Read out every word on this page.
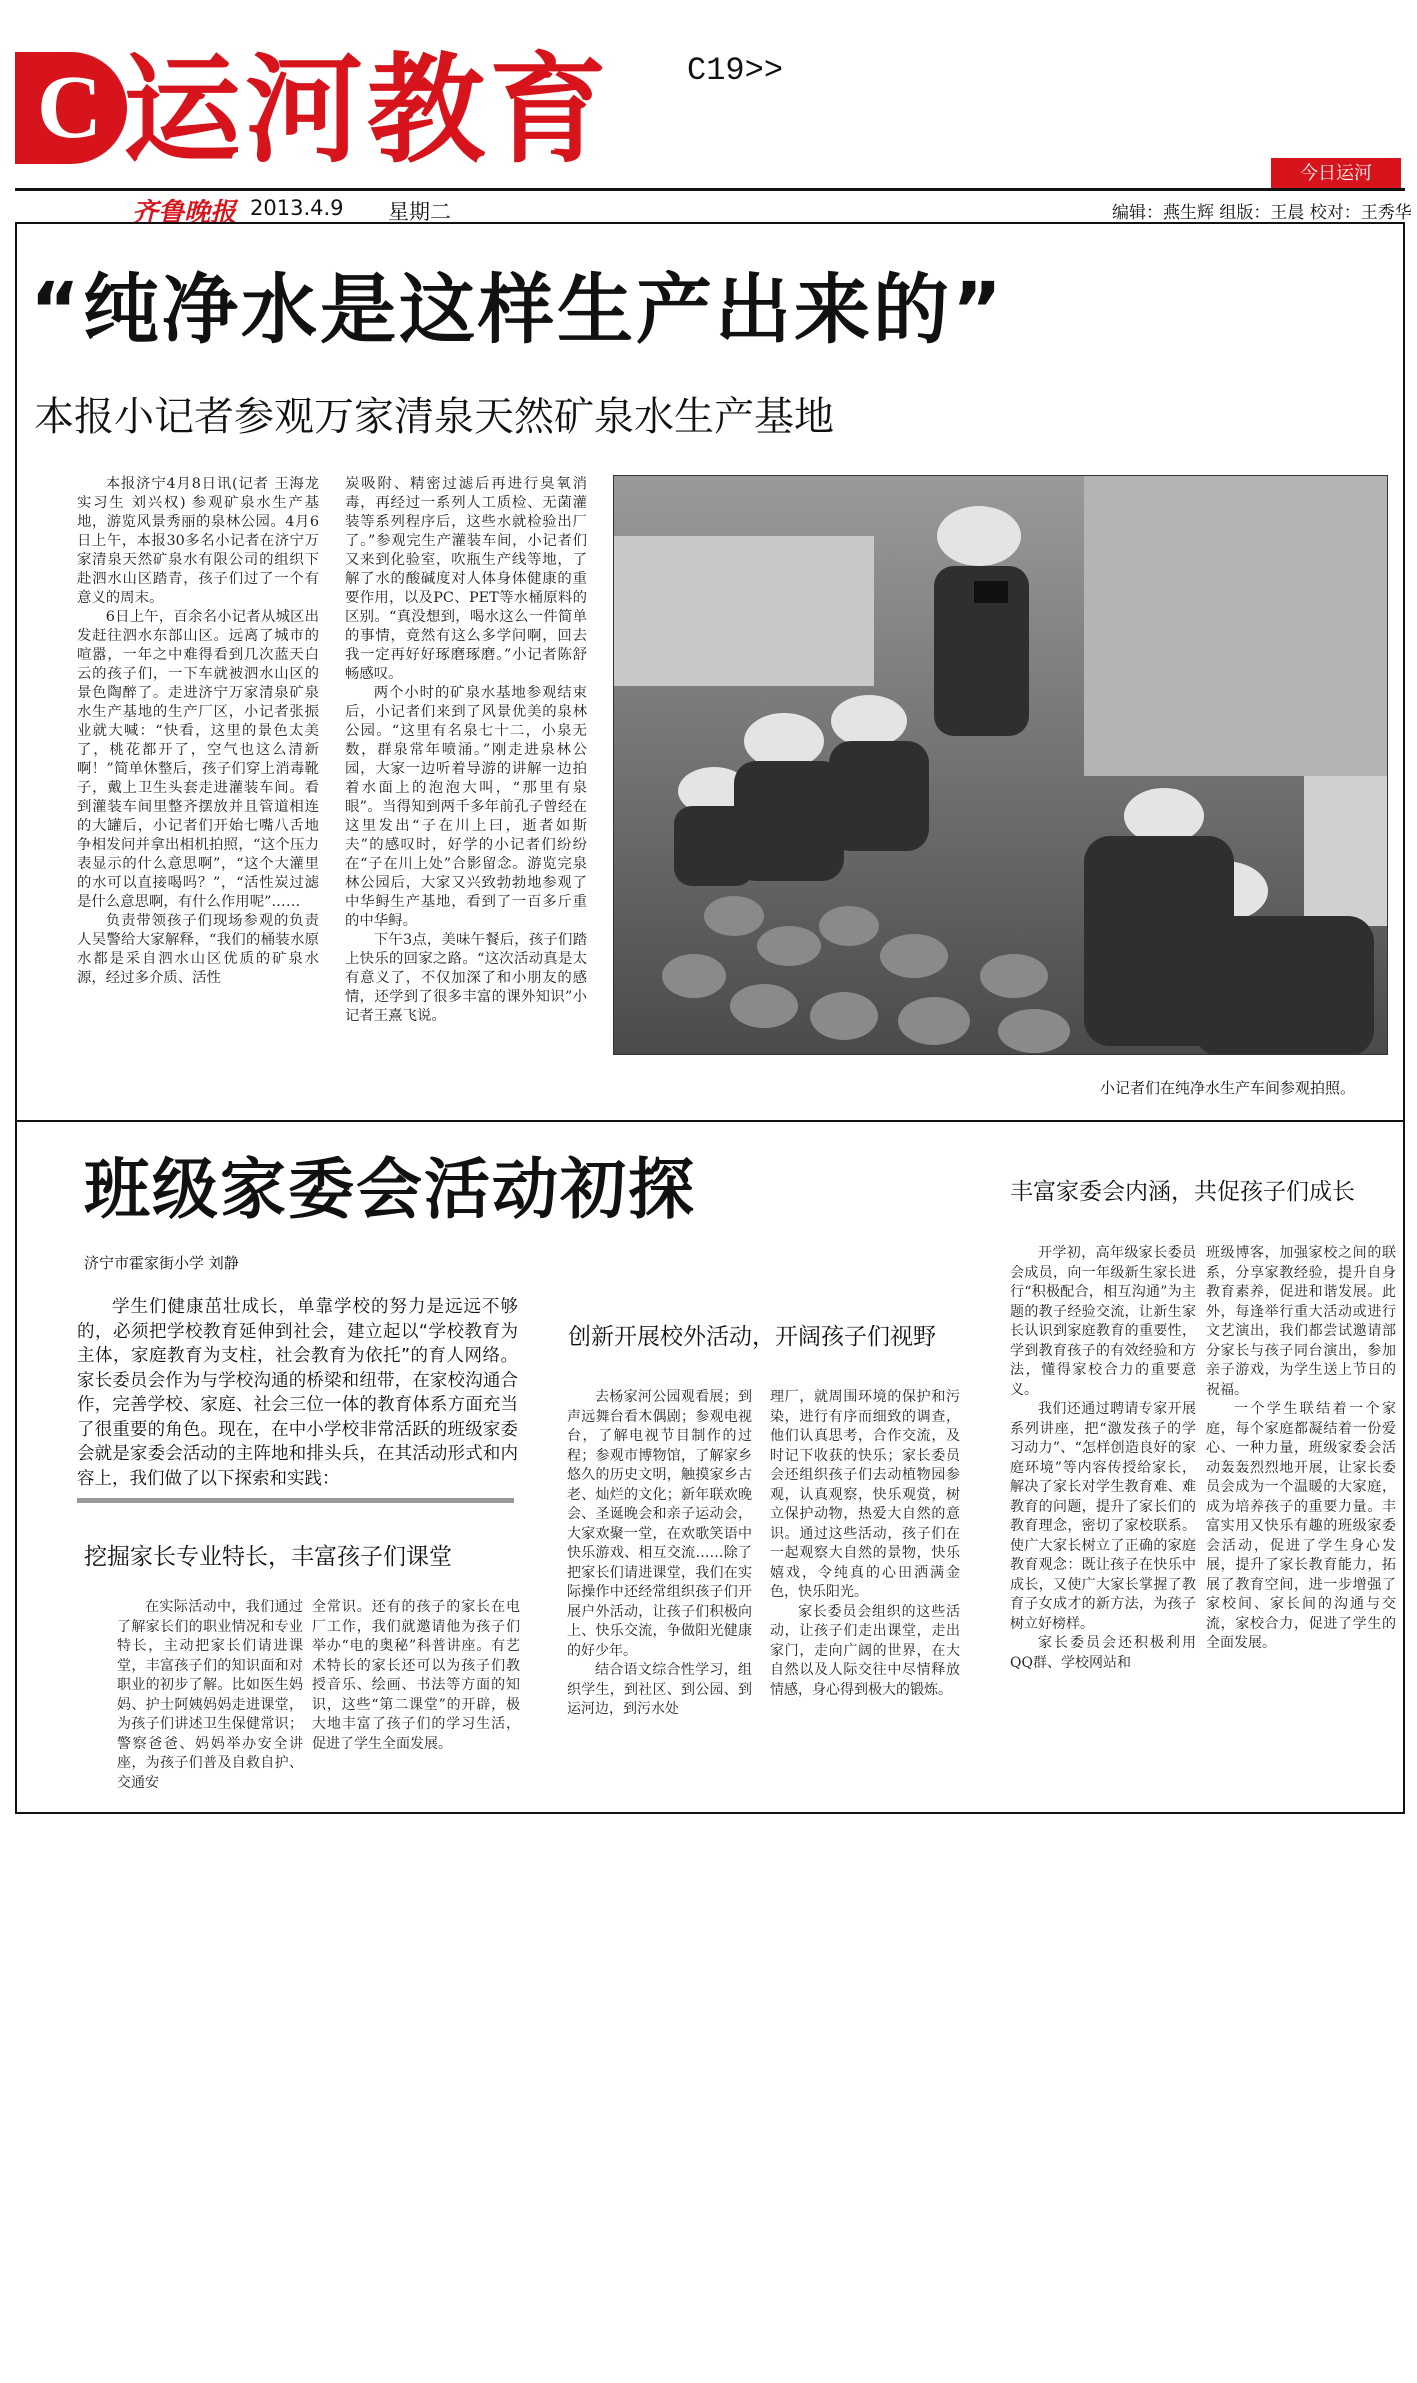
C 运河教育 C19>>
今日运河
齐鲁晚报 2013.4.9 星期二	编辑：燕生辉 组版：王晨 校对：王秀华
“纯净水是这样生产出来的”
本报小记者参观万家清泉天然矿泉水生产基地

本报济宁4月8日讯(记者 王海龙 实习生 刘兴权) 参观矿泉水生产基地，游览风景秀丽的泉林公园。4月6日上午，本报30多名小记者在济宁万家清泉天然矿泉水有限公司的组织下赴泗水山区踏青，孩子们过了一个有意义的周末。

6日上午，百余名小记者从城区出发赶往泗水东部山区。远离了城市的喧嚣，一年之中难得看到几次蓝天白云的孩子们，一下车就被泗水山区的景色陶醉了。走进济宁万家清泉矿泉水生产基地的生产厂区，小记者张振业就大喊：“快看，这里的景色太美了，桃花都开了，空气也这么清新啊！”简单休整后，孩子们穿上消毒靴子，戴上卫生头套走进灌装车间。看到灌装车间里整齐摆放并且管道相连的大罐后，小记者们开始七嘴八舌地争相发问并拿出相机拍照，“这个压力表显示的什么意思啊”，“这个大灌里的水可以直接喝吗？”，“活性炭过滤是什么意思啊，有什么作用呢”……

负责带领孩子们现场参观的负责人吴警给大家解释，“我们的桶装水原水都是采自泗水山区优质的矿泉水源，经过多介质、活性

炭吸附、精密过滤后再进行臭氧消毒，再经过一系列人工质检、无菌灌装等系列程序后，这些水就检验出厂了。”参观完生产灌装车间，小记者们又来到化验室，吹瓶生产线等地，了解了水的酸碱度对人体身体健康的重要作用，以及PC、PET等水桶原料的区别。“真没想到，喝水这么一件简单的事情，竟然有这么多学问啊，回去我一定再好好琢磨琢磨。”小记者陈舒畅感叹。

两个小时的矿泉水基地参观结束后，小记者们来到了风景优美的泉林公园。“这里有名泉七十二，小泉无数，群泉常年喷涌。”刚走进泉林公园，大家一边听着导游的讲解一边拍着水面上的泡泡大叫，“那里有泉眼”。当得知到两千多年前孔子曾经在这里发出“子在川上曰，逝者如斯夫”的感叹时，好学的小记者们纷纷在“子在川上处”合影留念。游览完泉林公园后，大家又兴致勃勃地参观了中华鲟生产基地，看到了一百多斤重的中华鲟。

下午3点，美味午餐后，孩子们踏上快乐的回家之路。“这次活动真是太有意义了，不仅加深了和小朋友的感情，还学到了很多丰富的课外知识”小记者王熹飞说。

小记者们在纯净水生产车间参观拍照。
班级家委会活动初探
济宁市霍家街小学 刘静

学生们健康茁壮成长，单靠学校的努力是远远不够的，必须把学校教育延伸到社会，建立起以“学校教育为主体，家庭教育为支柱，社会教育为依托”的育人网络。家长委员会作为与学校沟通的桥梁和纽带，在家校沟通合作，完善学校、家庭、社会三位一体的教育体系方面充当了很重要的角色。现在，在中小学校非常活跃的班级家委会就是家委会活动的主阵地和排头兵，在其活动形式和内容上，我们做了以下探索和实践：

挖掘家长专业特长，丰富孩子们课堂

在实际活动中，我们通过了解家长们的职业情况和专业特长，主动把家长们请进课堂，丰富孩子们的知识面和对职业的初步了解。比如医生妈妈、护士阿姨妈妈走进课堂，为孩子们讲述卫生保健常识；警察爸爸、妈妈举办安全讲座，为孩子们普及自救自护、交通安

全常识。还有的孩子的家长在电厂工作，我们就邀请他为孩子们举办“电的奥秘”科普讲座。有艺术特长的家长还可以为孩子们教授音乐、绘画、书法等方面的知识，这些“第二课堂”的开辟，极大地丰富了孩子们的学习生活，促进了学生全面发展。

创新开展校外活动，开阔孩子们视野

去杨家河公园观看展；到声远舞台看木偶剧；参观电视台，了解电视节目制作的过程；参观市博物馆，了解家乡悠久的历史文明，触摸家乡古老、灿烂的文化；新年联欢晚会、圣诞晚会和亲子运动会，大家欢聚一堂，在欢歌笑语中快乐游戏、相互交流……除了把家长们请进课堂，我们在实际操作中还经常组织孩子们开展户外活动，让孩子们积极向上、快乐交流，争做阳光健康的好少年。

结合语文综合性学习，组织学生，到社区、到公园、到运河边，到污水处

理厂，就周围环境的保护和污染，进行有序而细致的调查，他们认真思考，合作交流，及时记下收获的快乐；家长委员会还组织孩子们去动植物园参观，认真观察，快乐观赏，树立保护动物，热爱大自然的意识。通过这些活动，孩子们在一起观察大自然的景物，快乐嬉戏，令纯真的心田洒满金色，快乐阳光。

家长委员会组织的这些活动，让孩子们走出课堂，走出家门，走向广阔的世界，在大自然以及人际交往中尽情释放情感，身心得到极大的锻炼。

丰富家委会内涵，共促孩子们成长

开学初，高年级家长委员会成员，向一年级新生家长进行“积极配合，相互沟通”为主题的教子经验交流，让新生家长认识到家庭教育的重要性，学到教育孩子的有效经验和方法，懂得家校合力的重要意义。

我们还通过聘请专家开展系列讲座，把“激发孩子的学习动力”、“怎样创造良好的家庭环境”等内容传授给家长，解决了家长对学生教育难、难教育的问题，提升了家长们的教育理念，密切了家校联系。使广大家长树立了正确的家庭教育观念：既让孩子在快乐中成长，又使广大家长掌握了教育子女成才的新方法，为孩子树立好榜样。

家长委员会还积极利用QQ群、学校网站和

班级博客，加强家校之间的联系，分享家教经验，提升自身教育素养，促进和谐发展。此外，每逢举行重大活动或进行文艺演出，我们都尝试邀请部分家长与孩子同台演出，参加亲子游戏，为学生送上节日的祝福。

一个学生联结着一个家庭，每个家庭都凝结着一份爱心、一种力量，班级家委会活动轰轰烈烈地开展，让家长委员会成为一个温暖的大家庭，成为培养孩子的重要力量。丰富实用又快乐有趣的班级家委会活动，促进了学生身心发展，提升了家长教育能力，拓展了教育空间，进一步增强了家校间、家长间的沟通与交流，家校合力，促进了学生的全面发展。
